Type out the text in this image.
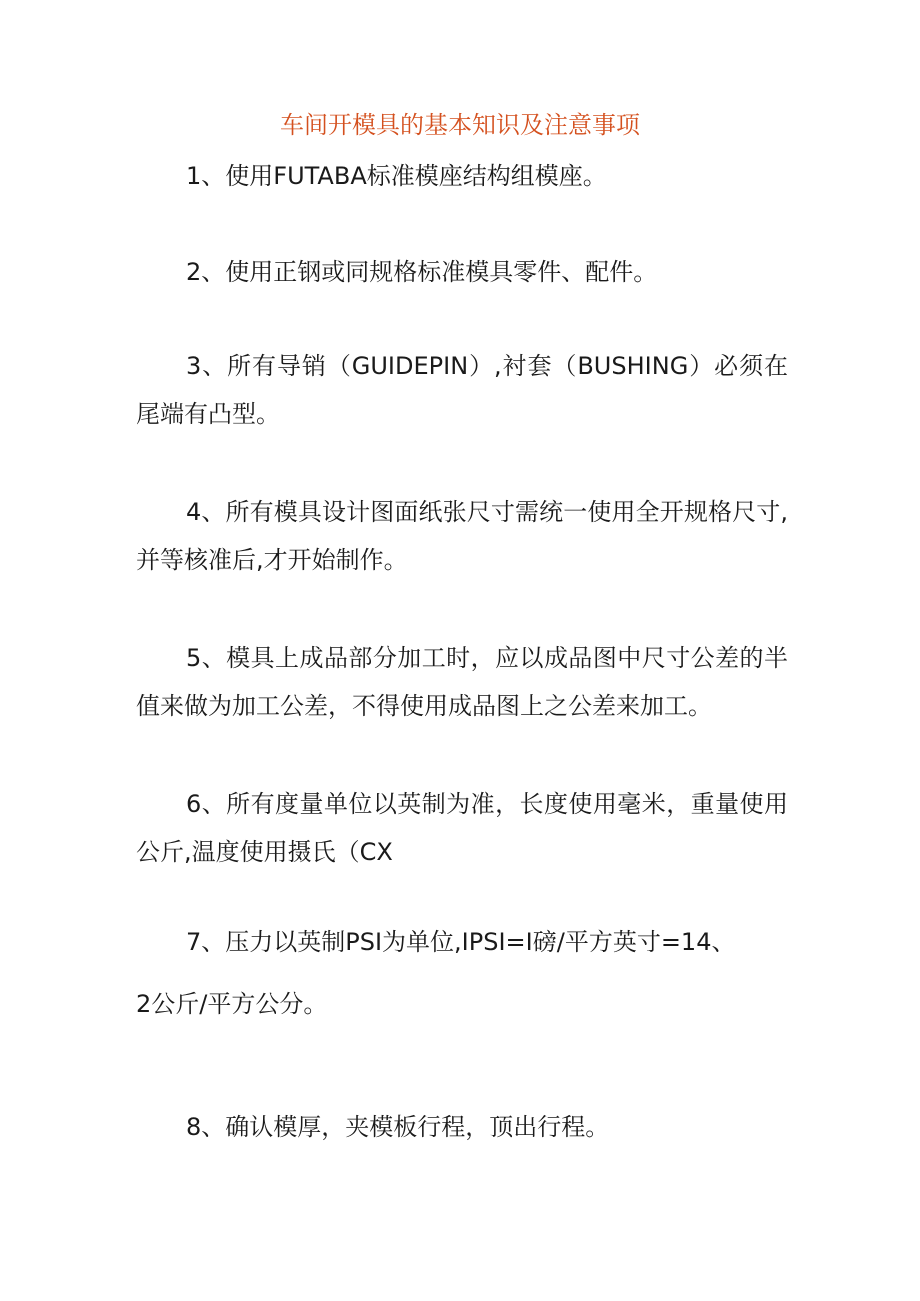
车间开模具的基本知识及注意事项
1、使用FUTABA标准模座结构组模座。
2、使用正钢或同规格标准模具零件、配件。
3、所有导销（GUIDEPIN）,衬套（BUSHING）必须在尾端有凸型。
4、所有模具设计图面纸张尺寸需统一使用全开规格尺寸,并等核准后,才开始制作。
5、模具上成品部分加工时，应以成品图中尺寸公差的半值来做为加工公差，不得使用成品图上之公差来加工。
6、所有度量单位以英制为准，长度使用毫米，重量使用公斤,温度使用摄氏（CX
7、压力以英制PSI为单位,IPSI=I磅/平方英寸=14、
2公斤/平方公分。
8、确认模厚，夹模板行程，顶出行程。
